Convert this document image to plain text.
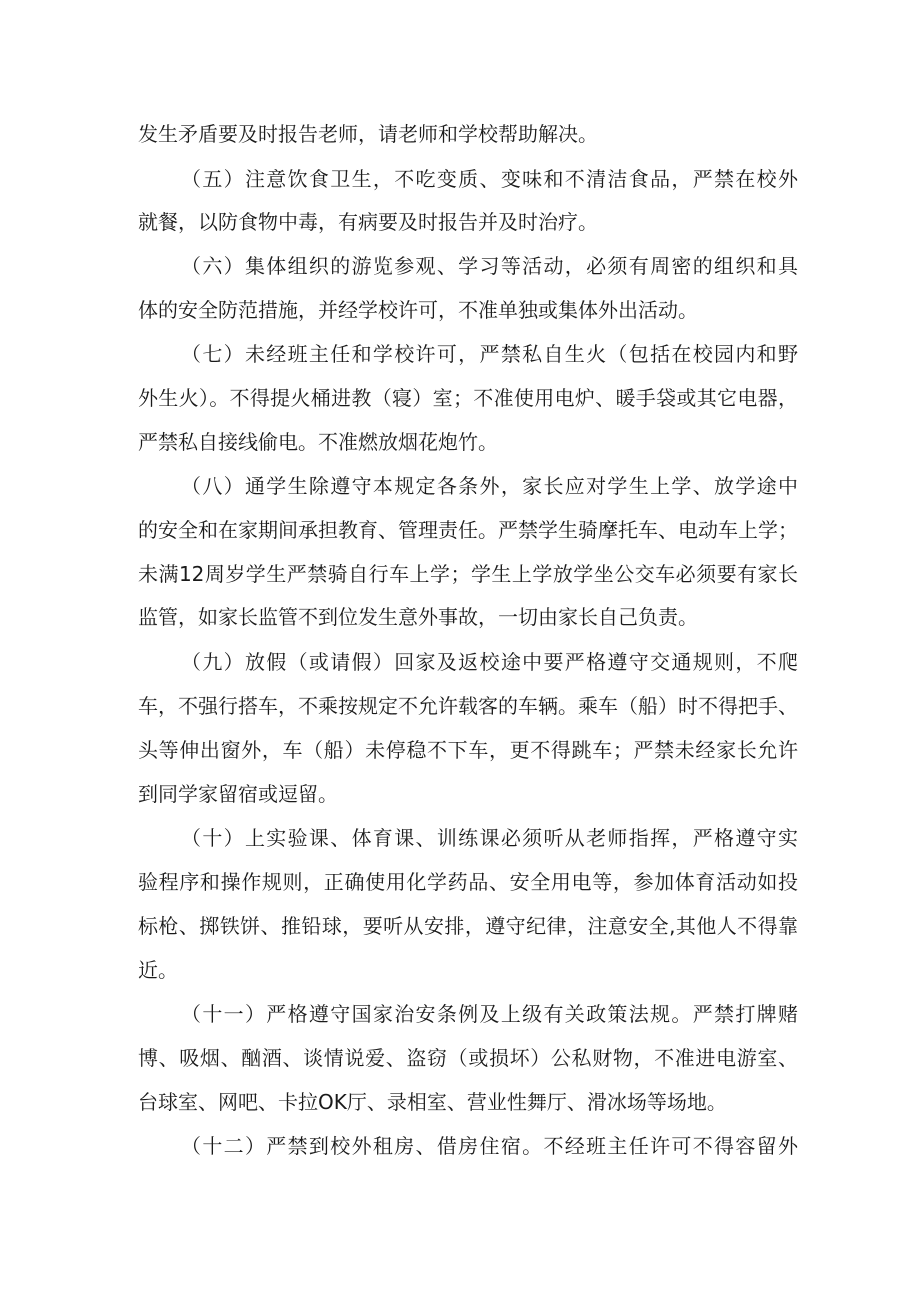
发生矛盾要及时报告老师，请老师和学校帮助解决。

（五）注意饮食卫生，不吃变质、变味和不清洁食品，严禁在校外

就餐，以防食物中毒，有病要及时报告并及时治疗。

（六）集体组织的游览参观、学习等活动，必须有周密的组织和具

体的安全防范措施，并经学校许可，不准单独或集体外出活动。

（七）未经班主任和学校许可，严禁私自生火（包括在校园内和野

外生火）。不得提火桶进教（寝）室；不准使用电炉、暖手袋或其它电器，

严禁私自接线偷电。不准燃放烟花炮竹。

（八）通学生除遵守本规定各条外，家长应对学生上学、放学途中

的安全和在家期间承担教育、管理责任。严禁学生骑摩托车、电动车上学；

未满12周岁学生严禁骑自行车上学；学生上学放学坐公交车必须要有家长

监管，如家长监管不到位发生意外事故，一切由家长自己负责。

（九）放假（或请假）回家及返校途中要严格遵守交通规则，不爬

车，不强行搭车，不乘按规定不允许载客的车辆。乘车（船）时不得把手、

头等伸出窗外，车（船）未停稳不下车，更不得跳车；严禁未经家长允许

到同学家留宿或逗留。

（十）上实验课、体育课、训练课必须听从老师指挥，严格遵守实

验程序和操作规则，正确使用化学药品、安全用电等，参加体育活动如投

标枪、掷铁饼、推铅球，要听从安排，遵守纪律，注意安全,其他人不得靠

近。

（十一）严格遵守国家治安条例及上级有关政策法规。严禁打牌赌

博、吸烟、酗酒、谈情说爱、盗窃（或损坏）公私财物，不准进电游室、

台球室、网吧、卡拉OK厅、录相室、营业性舞厅、滑冰场等场地。

（十二）严禁到校外租房、借房住宿。不经班主任许可不得容留外
